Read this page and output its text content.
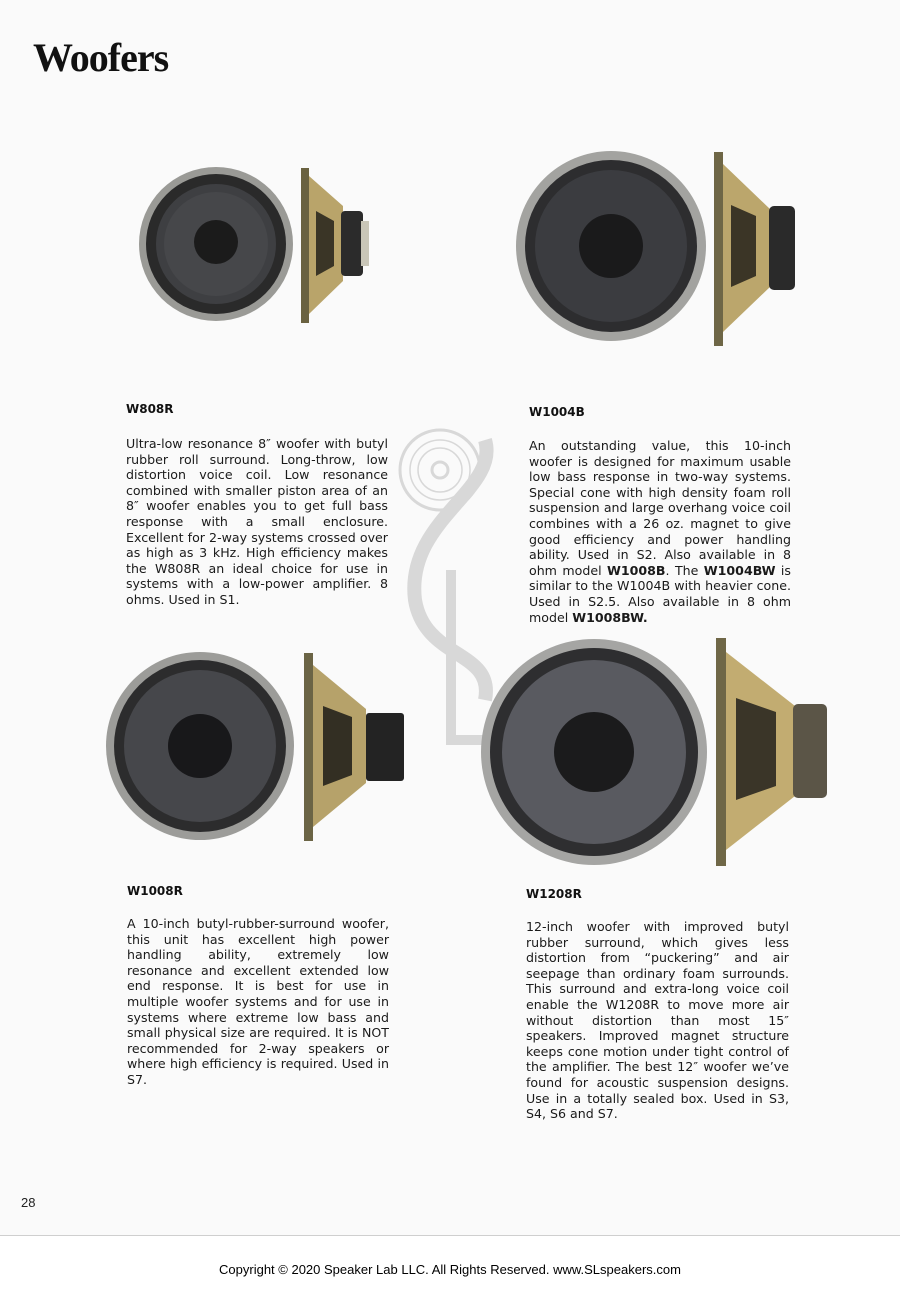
Woofers
W808R

Ultra-low resonance 8″ woofer with butyl rubber roll surround. Long-throw, low distortion voice coil. Low resonance combined with smaller piston area of an 8″ woofer enables you to get full bass response with a small enclosure. Excellent for 2-way systems crossed over as high as 3 kHz. High efficiency makes the W808R an ideal choice for use in systems with a low-power amplifier. 8 ohms. Used in S1.

W1004B

An outstanding value, this 10-inch woofer is designed for maximum usable low bass response in two-way systems. Special cone with high density foam roll suspension and large overhang voice coil combines with a 26 oz. magnet to give good efficiency and power handling ability. Used in S2. Also available in 8 ohm model W1008B. The W1004BW is similar to the W1004B with heavier cone. Used in S2.5. Also available in 8 ohm model W1008BW.

W1008R

A 10-inch butyl-rubber-surround woofer, this unit has excellent high power handling ability, extremely low resonance and excellent extended low end response. It is best for use in multiple woofer systems and for use in systems where extreme low bass and small physical size are required. It is NOT recommended for 2-way speakers or where high efficiency is required. Used in S7.

W1208R

12-inch woofer with improved butyl rubber surround, which gives less distortion from “puckering” and air seepage than ordinary foam surrounds. This surround and extra-long voice coil enable the W1208R to move more air without distortion than most 15″ speakers. Improved magnet structure keeps cone motion under tight control of the amplifier. The best 12″ woofer we’ve found for acoustic suspension designs. Use in a totally sealed box. Used in S3, S4, S6 and S7.

28
Copyright © 2020 Speaker Lab LLC. All Rights Reserved. www.SLspeakers.com
